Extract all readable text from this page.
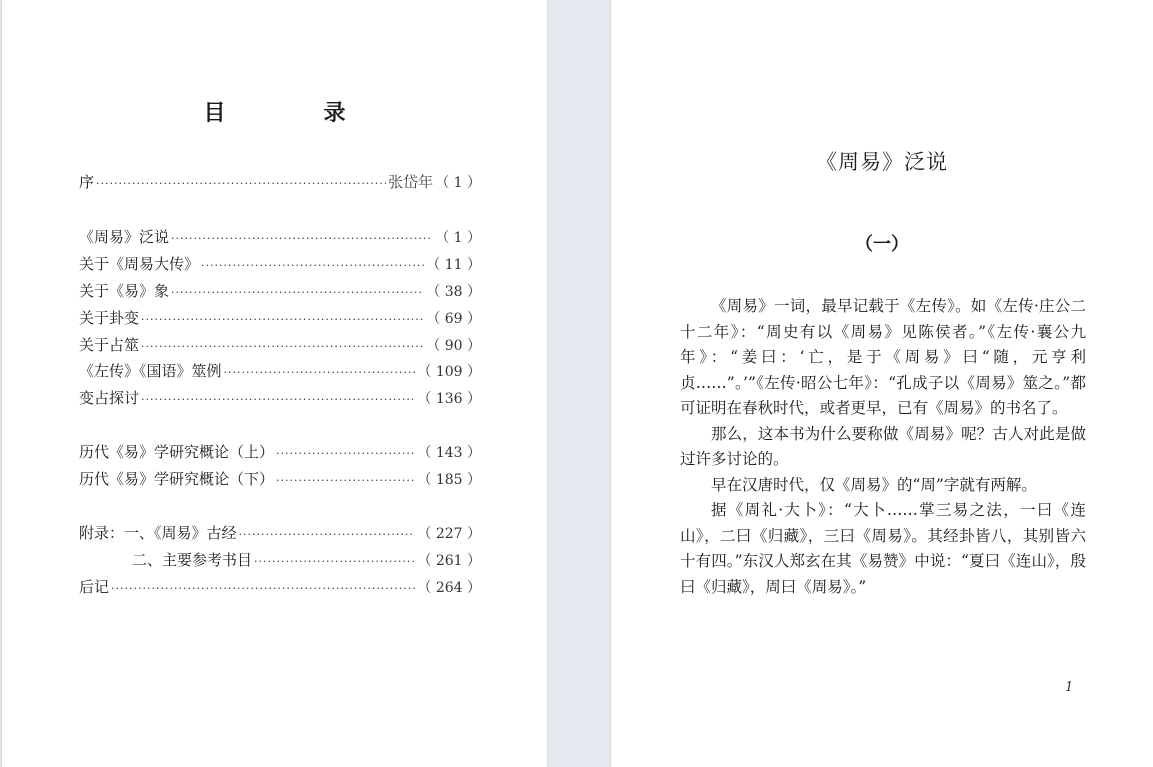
目　录
序 ·····	张岱年 （ 1 ）
《周易》泛说 ·····	（ 1 ）
关于《周易大传》 ·····	（ 11 ）
关于《易》象 ·····	（ 38 ）
关于卦变 ·····	（ 69 ）
关于占筮 ·····	（ 90 ）
《左传》《国语》筮例 ·····	（ 109 ）
变占探讨 ·····	（ 136 ）
历代《易》学研究概论（上） ·····	（ 143 ）
历代《易》学研究概论（下） ·····	（ 185 ）
附录：一、《周易》古经 ·····	（ 227 ）
二、主要参考书目 ·····	（ 261 ）
后记 ·····	（ 264 ）
《周易》泛说
（一）

《周易》一词，最早记载于《左传》。如《左传·庄公二十二年》：“周史有以《周易》见陈侯者。”《左传·襄公九年》：“姜曰：‘亡，是于《周易》曰“随，元亨利贞……”。’”《左传·昭公七年》：“孔成子以《周易》筮之。”都可证明在春秋时代，或者更早，已有《周易》的书名了。

那么，这本书为什么要称做《周易》呢？古人对此是做过许多讨论的。

早在汉唐时代，仅《周易》的“周”字就有两解。

据《周礼·大卜》：“大卜……掌三易之法，一曰《连山》，二曰《归藏》，三曰《周易》。其经卦皆八，其别皆六十有四。”东汉人郑玄在其《易赞》中说：“夏曰《连山》，殷曰《归藏》，周曰《周易》。”

1
